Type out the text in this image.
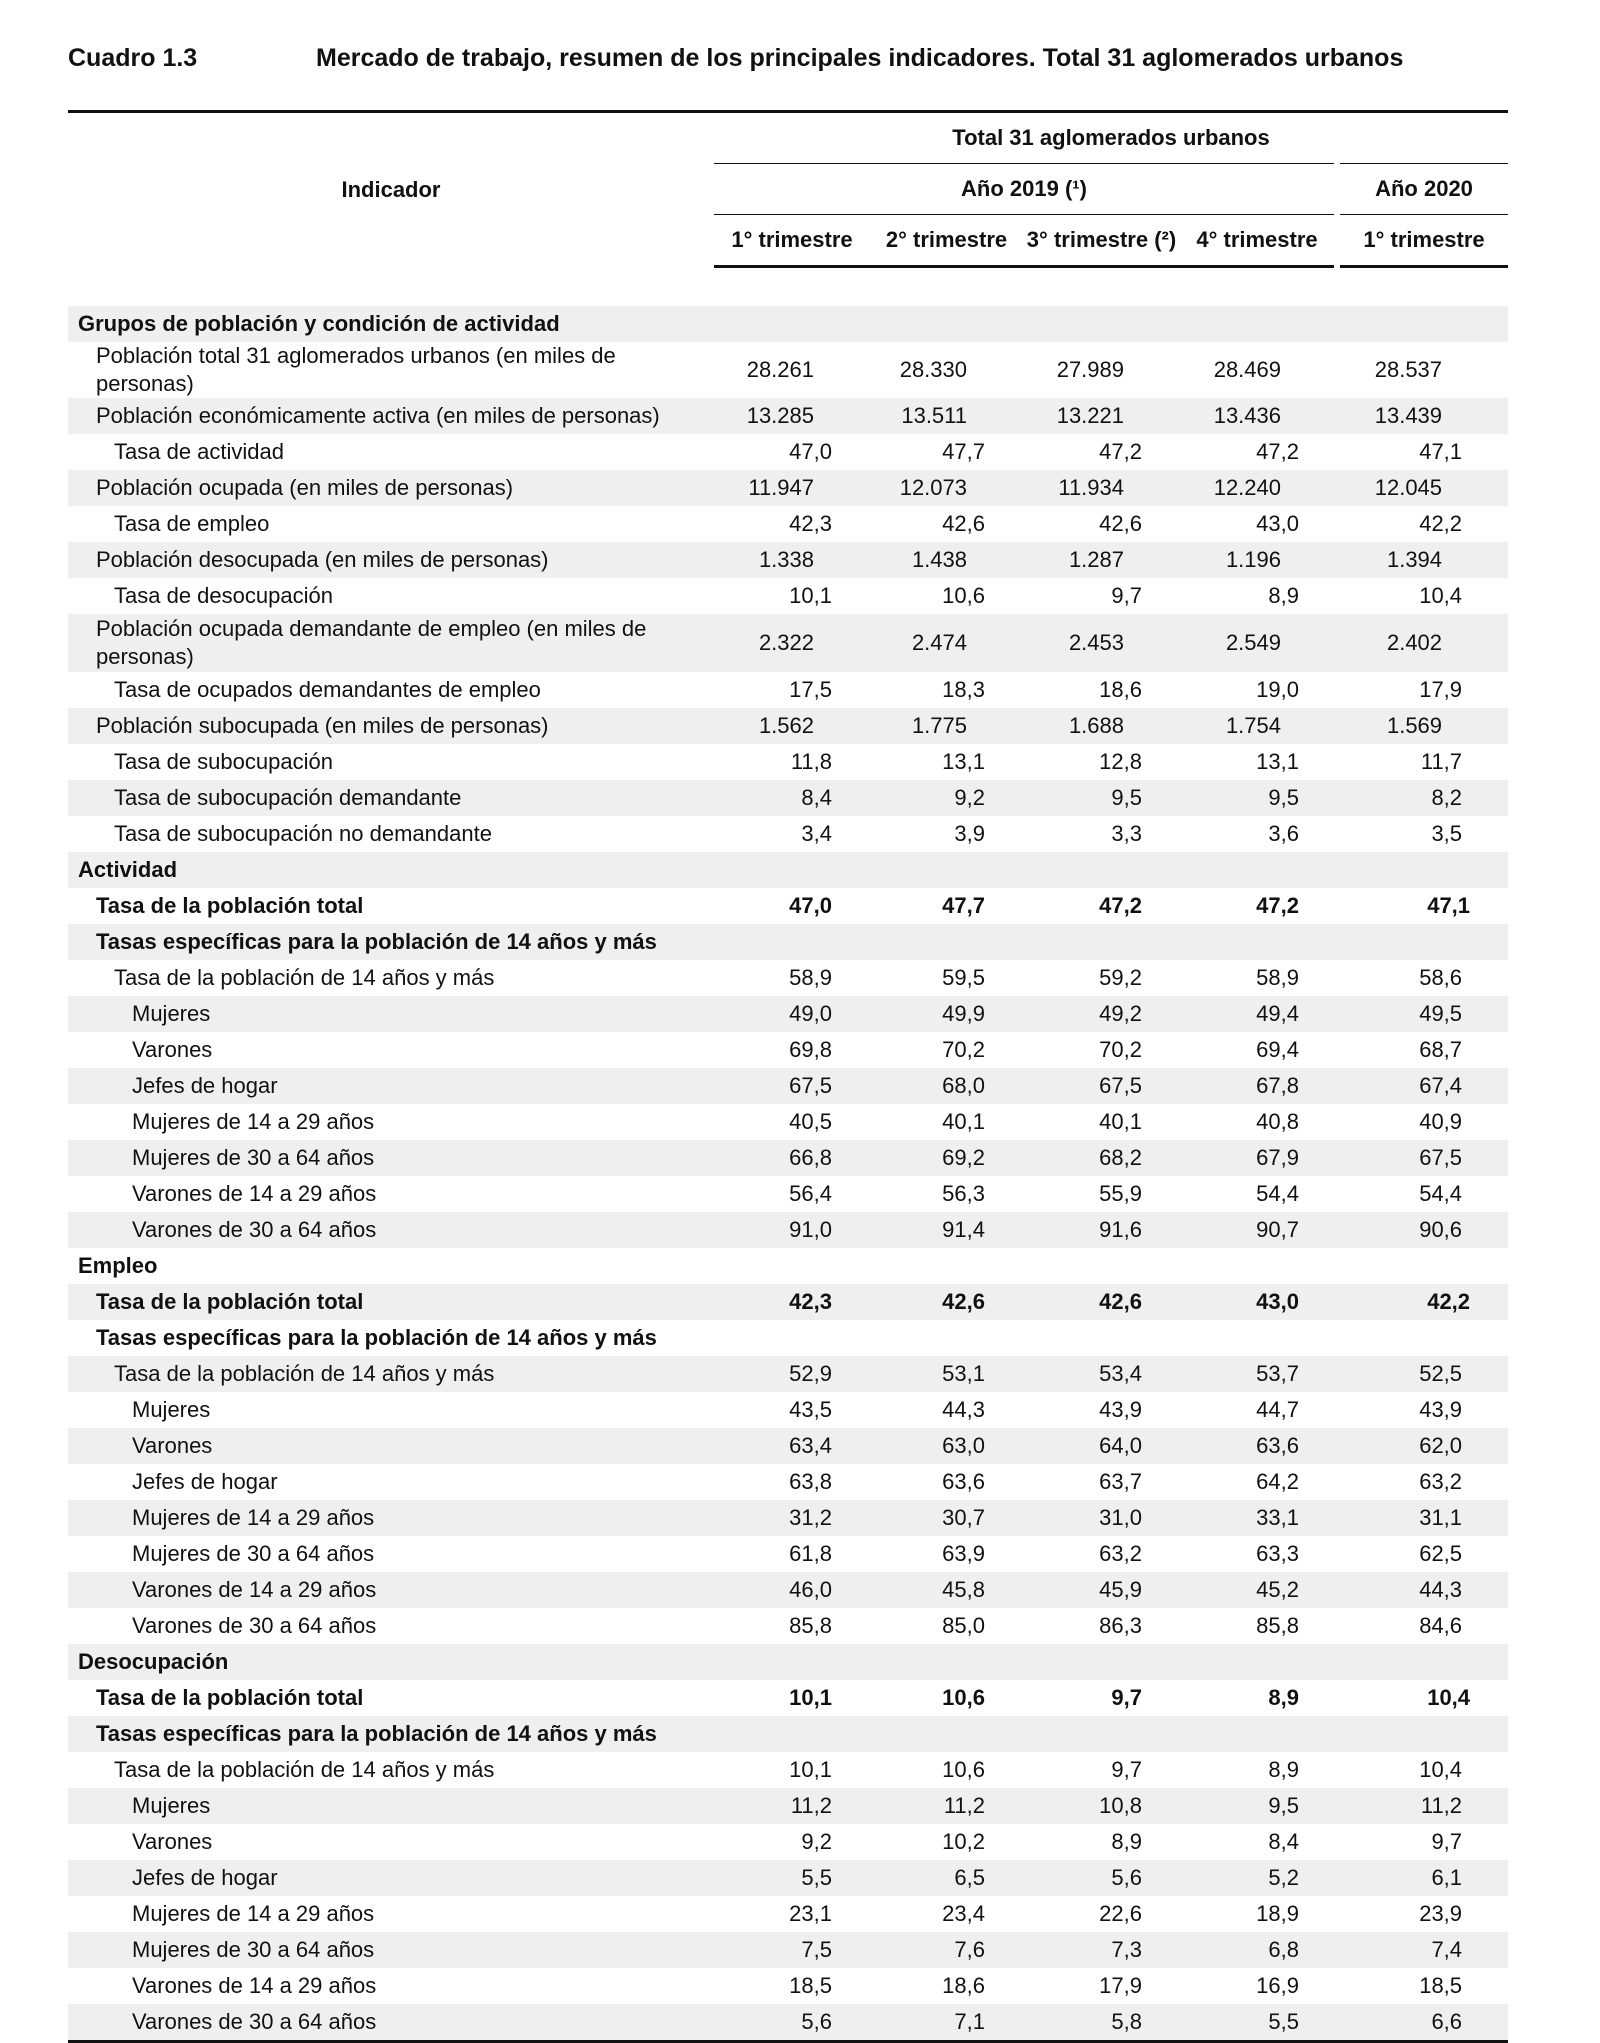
Cuadro 1.3	Mercado de trabajo, resumen de los principales indicadores. Total 31 aglomerados urbanos
Indicador	Total 31 aglomerados urbanos				
	Año 2019 (¹)				Año 2020
	1° trimestre	2° trimestre	3° trimestre (²)	4° trimestre	1° trimestre

Grupos de población y condición de actividad					
Población total 31 aglomerados urbanos (en miles de personas)	28.261	28.330	27.989	28.469	28.537
Población económicamente activa (en miles de personas)	13.285	13.511	13.221	13.436	13.439
Tasa de actividad	47,0	47,7	47,2	47,2	47,1
Población ocupada (en miles de personas)	11.947	12.073	11.934	12.240	12.045
Tasa de empleo	42,3	42,6	42,6	43,0	42,2
Población desocupada (en miles de personas)	1.338	1.438	1.287	1.196	1.394
Tasa de desocupación	10,1	10,6	9,7	8,9	10,4
Población ocupada demandante de empleo (en miles de personas)	2.322	2.474	2.453	2.549	2.402
Tasa de ocupados demandantes de empleo	17,5	18,3	18,6	19,0	17,9
Población subocupada (en miles de personas)	1.562	1.775	1.688	1.754	1.569
Tasa de subocupación	11,8	13,1	12,8	13,1	11,7
Tasa de subocupación demandante	8,4	9,2	9,5	9,5	8,2
Tasa de subocupación no demandante	3,4	3,9	3,3	3,6	3,5
Actividad					
Tasa de la población total	47,0	47,7	47,2	47,2	47,1
Tasas específicas para la población de 14 años y más					
Tasa de la población de 14 años y más	58,9	59,5	59,2	58,9	58,6
Mujeres	49,0	49,9	49,2	49,4	49,5
Varones	69,8	70,2	70,2	69,4	68,7
Jefes de hogar	67,5	68,0	67,5	67,8	67,4
Mujeres de 14 a 29 años	40,5	40,1	40,1	40,8	40,9
Mujeres de 30 a 64 años	66,8	69,2	68,2	67,9	67,5
Varones de 14 a 29 años	56,4	56,3	55,9	54,4	54,4
Varones de 30 a 64 años	91,0	91,4	91,6	90,7	90,6
Empleo					
Tasa de la población total	42,3	42,6	42,6	43,0	42,2
Tasas específicas para la población de 14 años y más					
Tasa de la población de 14 años y más	52,9	53,1	53,4	53,7	52,5
Mujeres	43,5	44,3	43,9	44,7	43,9
Varones	63,4	63,0	64,0	63,6	62,0
Jefes de hogar	63,8	63,6	63,7	64,2	63,2
Mujeres de 14 a 29 años	31,2	30,7	31,0	33,1	31,1
Mujeres de 30 a 64 años	61,8	63,9	63,2	63,3	62,5
Varones de 14 a 29 años	46,0	45,8	45,9	45,2	44,3
Varones de 30 a 64 años	85,8	85,0	86,3	85,8	84,6
Desocupación					
Tasa de la población total	10,1	10,6	9,7	8,9	10,4
Tasas específicas para la población de 14 años y más					
Tasa de la población de 14 años y más	10,1	10,6	9,7	8,9	10,4
Mujeres	11,2	11,2	10,8	9,5	11,2
Varones	9,2	10,2	8,9	8,4	9,7
Jefes de hogar	5,5	6,5	5,6	5,2	6,1
Mujeres de 14 a 29 años	23,1	23,4	22,6	18,9	23,9
Mujeres de 30 a 64 años	7,5	7,6	7,3	6,8	7,4
Varones de 14 a 29 años	18,5	18,6	17,9	16,9	18,5
Varones de 30 a 64 años	5,6	7,1	5,8	5,5	6,6
